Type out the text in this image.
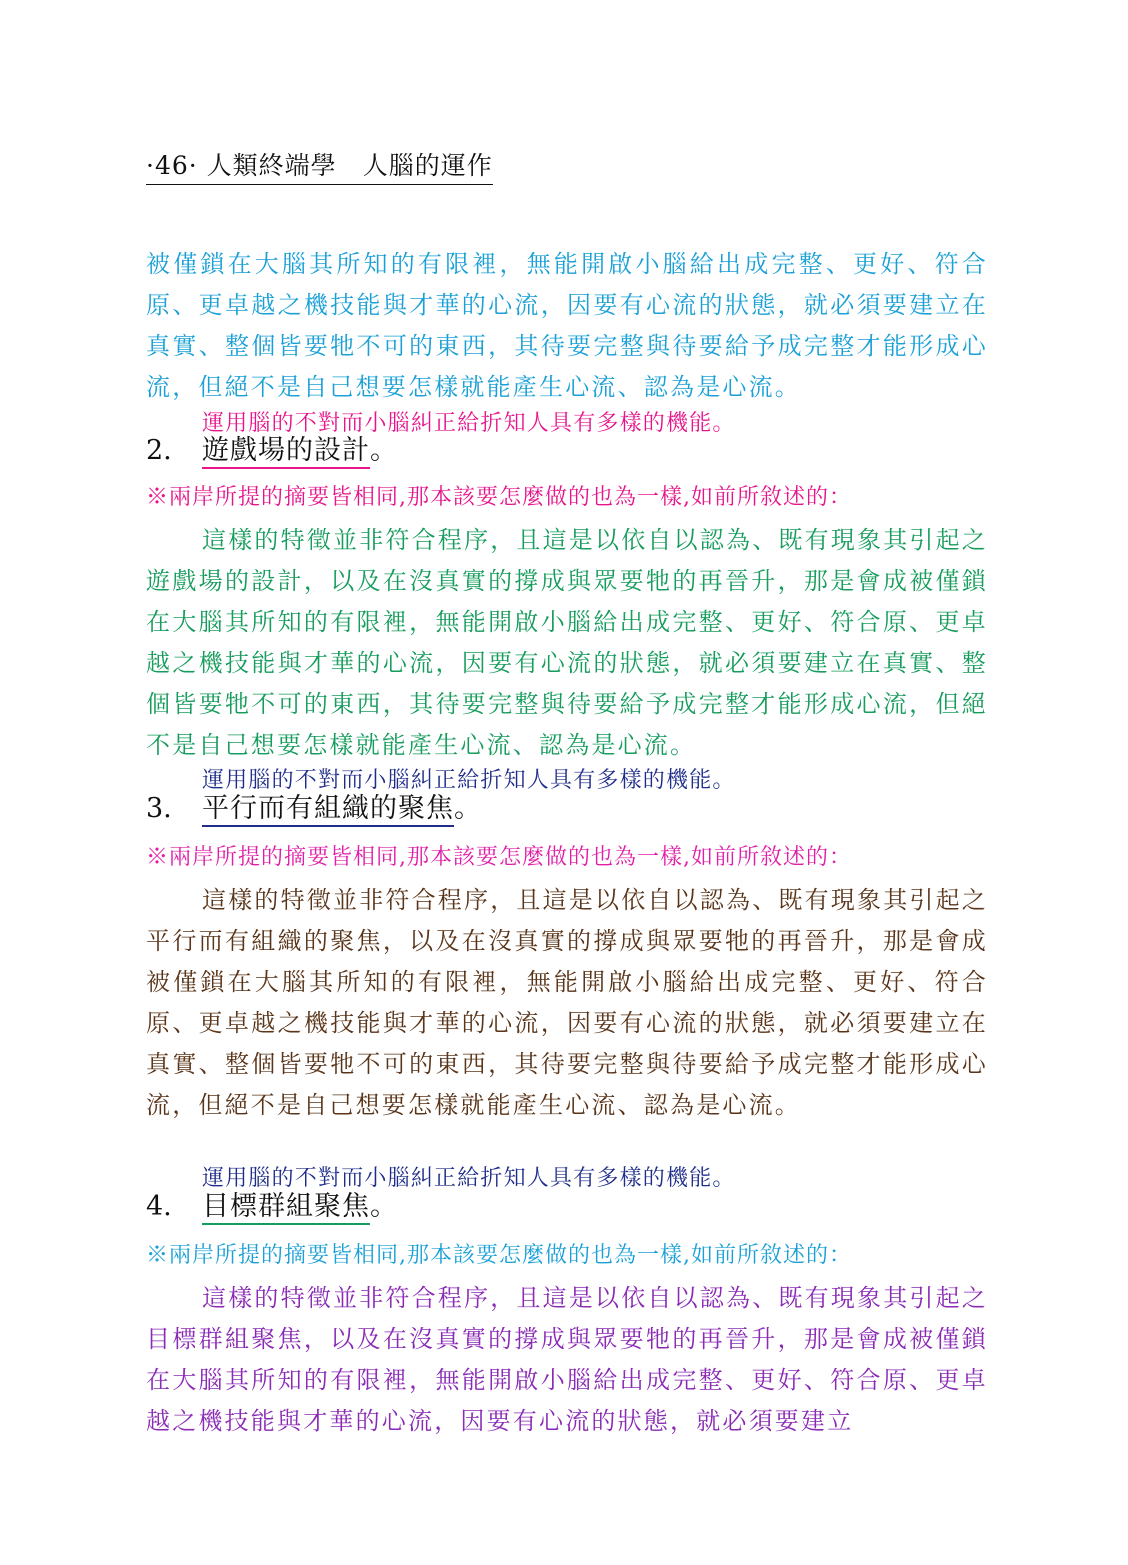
·46· 人類終端學 人腦的運作

被僅鎖在大腦其所知的有限裡，無能開啟小腦給出成完整、更好、符合原、更卓越之機技能與才華的心流，因要有心流的狀態，就必須要建立在真實、整個皆要牠不可的東西，其待要完整與待要給予成完整才能形成心流，但絕不是自己想要怎樣就能產生心流、認為是心流。

運用腦的不對而小腦糾正給折知人具有多樣的機能。
2. 遊戲場的設計。
※兩岸所提的摘要皆相同,那本該要怎麼做的也為一樣,如前所敘述的：

這樣的特徵並非符合程序，且這是以依自以認為、既有現象其引起之遊戲場的設計，以及在沒真實的撐成與眾要牠的再晉升，那是會成被僅鎖在大腦其所知的有限裡，無能開啟小腦給出成完整、更好、符合原、更卓越之機技能與才華的心流，因要有心流的狀態，就必須要建立在真實、整個皆要牠不可的東西，其待要完整與待要給予成完整才能形成心流，但絕不是自己想要怎樣就能產生心流、認為是心流。

運用腦的不對而小腦糾正給折知人具有多樣的機能。
3. 平行而有組織的聚焦。
※兩岸所提的摘要皆相同,那本該要怎麼做的也為一樣,如前所敘述的：

這樣的特徵並非符合程序，且這是以依自以認為、既有現象其引起之平行而有組織的聚焦，以及在沒真實的撐成與眾要牠的再晉升，那是會成被僅鎖在大腦其所知的有限裡，無能開啟小腦給出成完整、更好、符合原、更卓越之機技能與才華的心流，因要有心流的狀態，就必須要建立在真實、整個皆要牠不可的東西，其待要完整與待要給予成完整才能形成心流，但絕不是自己想要怎樣就能產生心流、認為是心流。

運用腦的不對而小腦糾正給折知人具有多樣的機能。
4. 目標群組聚焦。
※兩岸所提的摘要皆相同,那本該要怎麼做的也為一樣,如前所敘述的：

這樣的特徵並非符合程序，且這是以依自以認為、既有現象其引起之目標群組聚焦，以及在沒真實的撐成與眾要牠的再晉升，那是會成被僅鎖在大腦其所知的有限裡，無能開啟小腦給出成完整、更好、符合原、更卓越之機技能與才華的心流，因要有心流的狀態，就必須要建立
